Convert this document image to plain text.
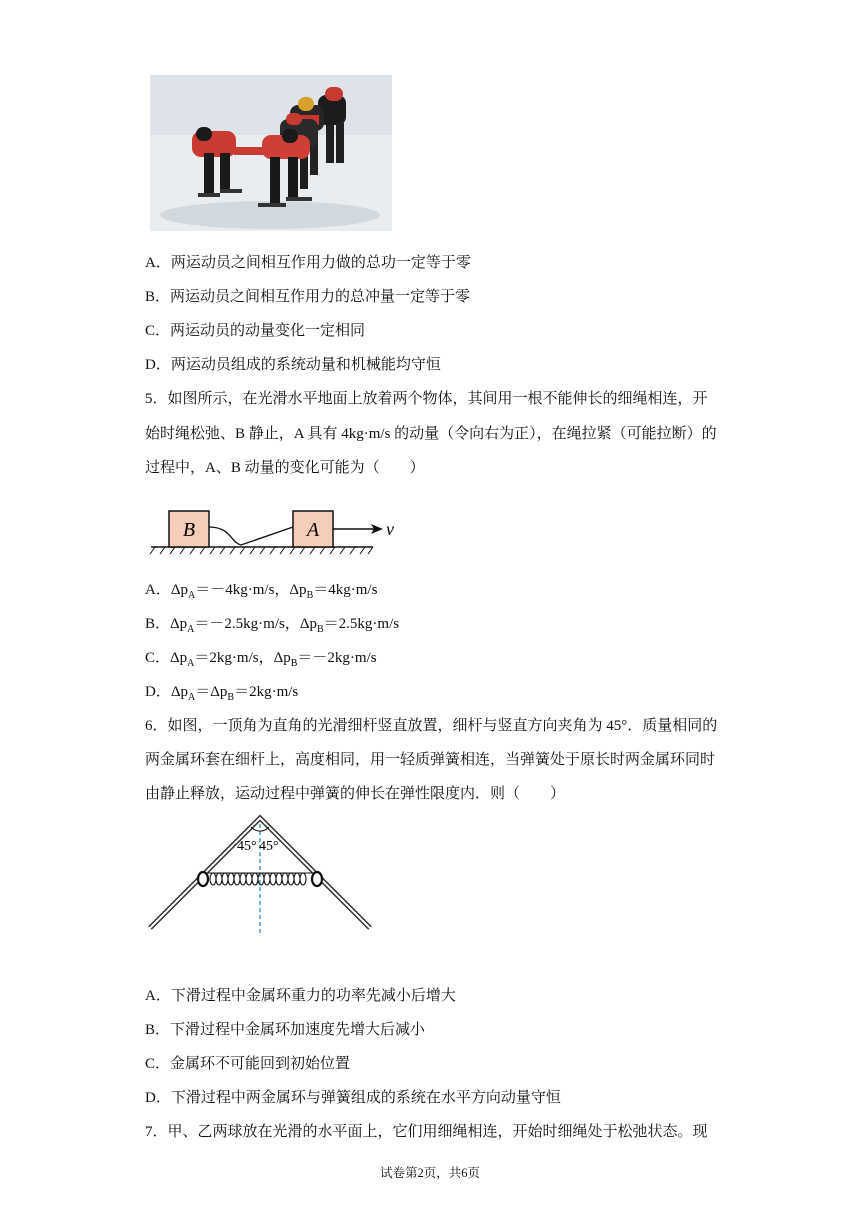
A．两运动员之间相互作用力做的总功一定等于零
B．两运动员之间相互作用力的总冲量一定等于零
C．两运动员的动量变化一定相同
D．两运动员组成的系统动量和机械能均守恒
5．如图所示，在光滑水平地面上放着两个物体，其间用一根不能伸长的细绳相连，开
始时绳松弛、B 静止，A 具有 4kg·m/s 的动量（令向右为正），在绳拉紧（可能拉断）的
过程中，A、B 动量的变化可能为（　　）
B	A	v
A．$\Delta p_A=-4kg\cdot m/s$，$\Delta p_B=4kg\cdot m/s$
B．$\Delta p_A=-2.5kg\cdot m/s$，$\Delta p_B=2.5kg\cdot m/s$
C．$\Delta p_A=2kg\cdot m/s$，$\Delta p_B=-2kg\cdot m/s$
D．$\Delta p_A=\Delta p_B=2kg\cdot m/s$
6．如图，一顶角为直角的光滑细杆竖直放置，细杆与竖直方向夹角为 45°．质量相同的
两金属环套在细杆上，高度相同，用一轻质弹簧相连，当弹簧处于原长时两金属环同时
由静止释放，运动过程中弹簧的伸长在弹性限度内．则（　　）
45° 45°
A．下滑过程中金属环重力的功率先减小后增大
B．下滑过程中金属环加速度先增大后减小
C．金属环不可能回到初始位置
D．下滑过程中两金属环与弹簧组成的系统在水平方向动量守恒
7．甲、乙两球放在光滑的水平面上，它们用细绳相连，开始时细绳处于松弛状态。现
试卷第2页，共6页
